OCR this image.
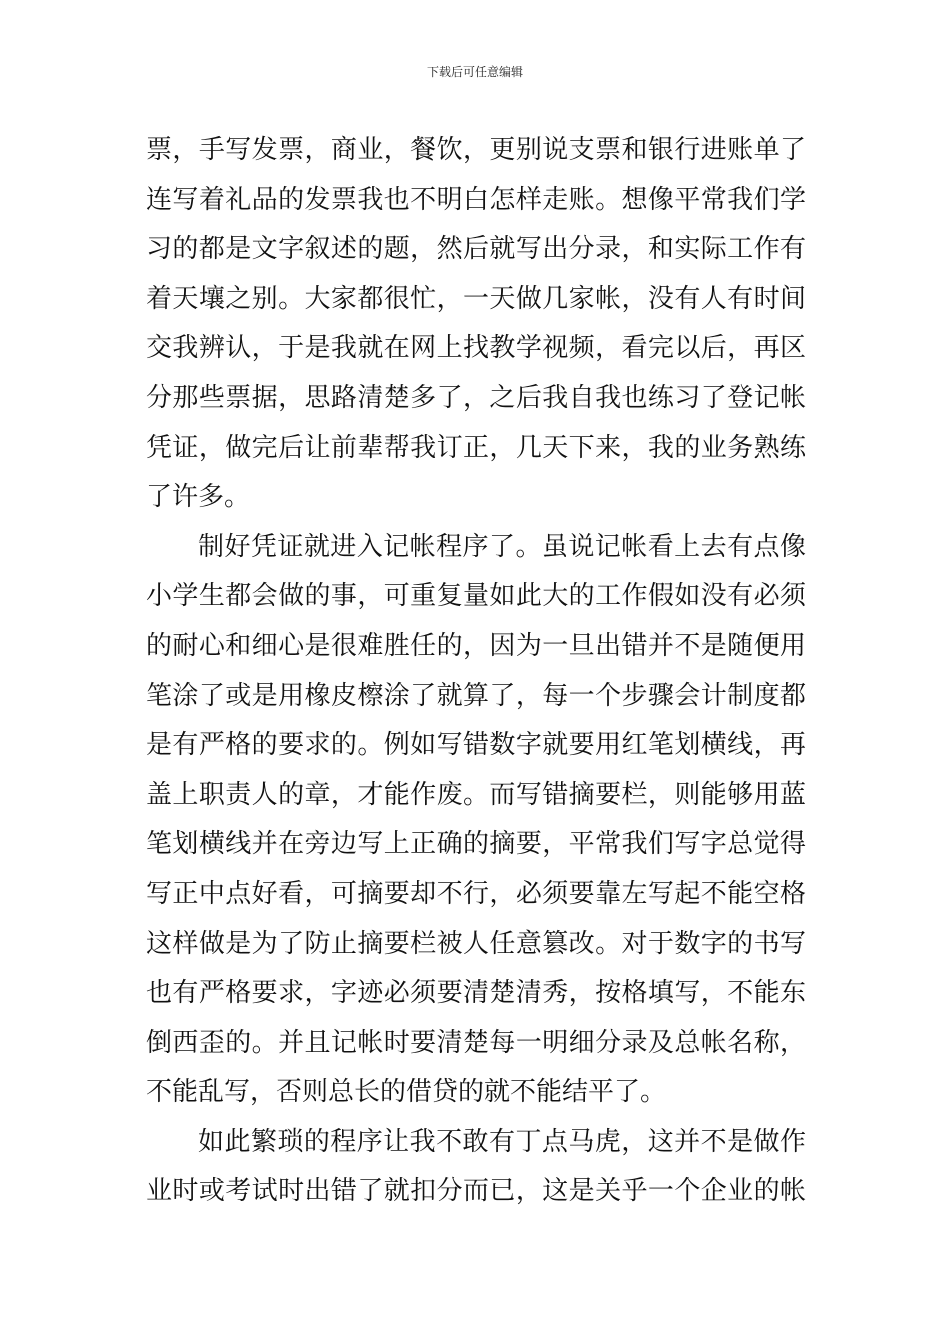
下载后可任意编辑
票，手写发票，商业，餐饮，更别说支票和银行进账单了
连写着礼品的发票我也不明白怎样走账。想像平常我们学
习的都是文字叙述的题，然后就写出分录，和实际工作有
着天壤之别。大家都很忙，一天做几家帐，没有人有时间
交我辨认，于是我就在网上找教学视频，看完以后，再区
分那些票据，思路清楚多了，之后我自我也练习了登记帐
凭证，做完后让前辈帮我订正，几天下来，我的业务熟练
了许多。
制好凭证就进入记帐程序了。虽说记帐看上去有点像
小学生都会做的事，可重复量如此大的工作假如没有必须
的耐心和细心是很难胜任的，因为一旦出错并不是随便用
笔涂了或是用橡皮檫涂了就算了，每一个步骤会计制度都
是有严格的要求的。例如写错数字就要用红笔划横线，再
盖上职责人的章，才能作废。而写错摘要栏，则能够用蓝
笔划横线并在旁边写上正确的摘要，平常我们写字总觉得
写正中点好看，可摘要却不行，必须要靠左写起不能空格
这样做是为了防止摘要栏被人任意篡改。对于数字的书写
也有严格要求，字迹必须要清楚清秀，按格填写，不能东
倒西歪的。并且记帐时要清楚每一明细分录及总帐名称，
不能乱写，否则总长的借贷的就不能结平了。
如此繁琐的程序让我不敢有丁点马虎，这并不是做作
业时或考试时出错了就扣分而已，这是关乎一个企业的帐
